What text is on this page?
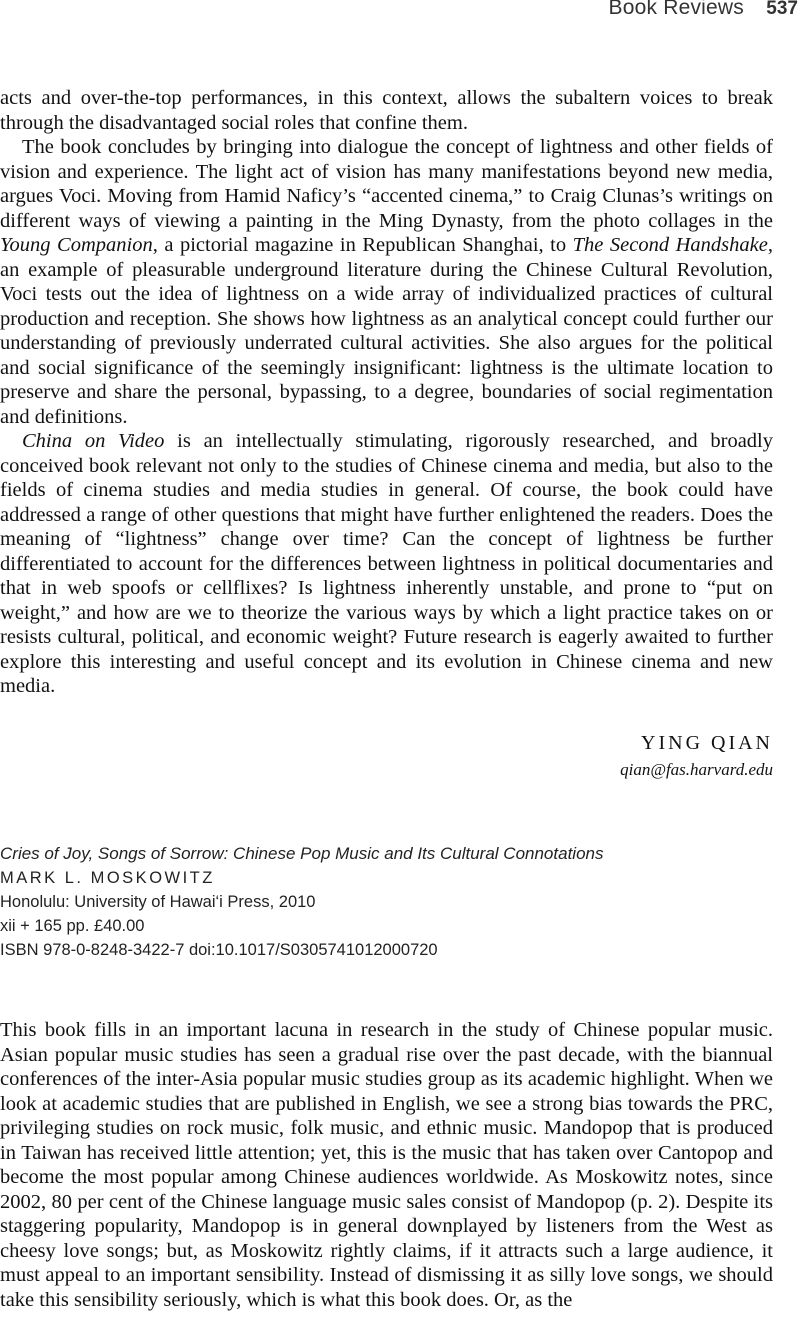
Book Reviews 537

acts and over-the-top performances, in this context, allows the subaltern voices to break through the disadvantaged social roles that confine them.

The book concludes by bringing into dialogue the concept of lightness and other fields of vision and experience. The light act of vision has many manifestations beyond new media, argues Voci. Moving from Hamid Naficy’s “accented cinema,” to Craig Clunas’s writings on different ways of viewing a painting in the Ming Dynasty, from the photo collages in the Young Companion, a pictorial magazine in Republican Shanghai, to The Second Handshake, an example of pleasurable underground literature during the Chinese Cultural Revolution, Voci tests out the idea of lightness on a wide array of individualized practices of cultural production and reception. She shows how lightness as an analytical concept could further our understanding of previously underrated cultural activities. She also argues for the political and social significance of the seemingly insignificant: lightness is the ultimate location to preserve and share the personal, bypassing, to a degree, boundaries of social regimentation and definitions.

China on Video is an intellectually stimulating, rigorously researched, and broadly conceived book relevant not only to the studies of Chinese cinema and media, but also to the fields of cinema studies and media studies in general. Of course, the book could have addressed a range of other questions that might have further enlightened the readers. Does the meaning of “lightness” change over time? Can the concept of lightness be further differentiated to account for the differences between lightness in political documentaries and that in web spoofs or cellflixes? Is lightness inherently unstable, and prone to “put on weight,” and how are we to theorize the various ways by which a light practice takes on or resists cultural, political, and economic weight? Future research is eagerly awaited to further explore this interesting and useful concept and its evolution in Chinese cinema and new media.

YING QIAN
qian@fas.harvard.edu
Cries of Joy, Songs of Sorrow: Chinese Pop Music and Its Cultural Connotations
MARK L. MOSKOWITZ
Honolulu: University of Hawai‘i Press, 2010
xii + 165 pp. £40.00
ISBN 978-0-8248-3422-7 doi:10.1017/S0305741012000720

This book fills in an important lacuna in research in the study of Chinese popular music. Asian popular music studies has seen a gradual rise over the past decade, with the biannual conferences of the inter-Asia popular music studies group as its academic highlight. When we look at academic studies that are published in English, we see a strong bias towards the PRC, privileging studies on rock music, folk music, and ethnic music. Mandopop that is produced in Taiwan has received little attention; yet, this is the music that has taken over Cantopop and become the most popular among Chinese audiences worldwide. As Moskowitz notes, since 2002, 80 per cent of the Chinese language music sales consist of Mandopop (p. 2). Despite its staggering popularity, Mandopop is in general downplayed by listeners from the West as cheesy love songs; but, as Moskowitz rightly claims, if it attracts such a large audience, it must appeal to an important sensibility. Instead of dismissing it as silly love songs, we should take this sensibility seriously, which is what this book does. Or, as the
